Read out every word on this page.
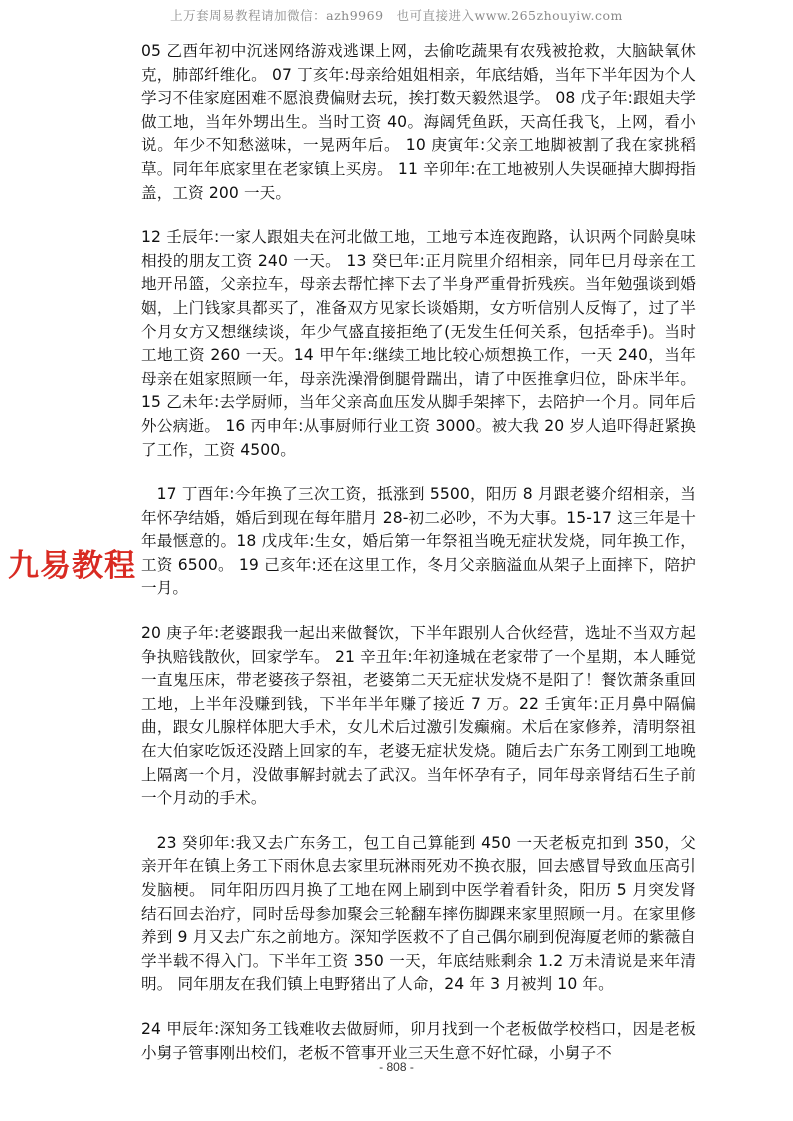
上万套周易教程请加微信：azh9969　也可直接进入www.265zhouyiw.com

05 乙酉年初中沉迷网络游戏逃课上网，去偷吃蔬果有农残被抢救，大脑缺氧休克，肺部纤维化。 07 丁亥年:母亲给姐姐相亲，年底结婚，当年下半年因为个人学习不佳家庭困难不愿浪费偏财去玩，挨打数天毅然退学。 08 戊子年:跟姐夫学做工地，当年外甥出生。当时工资 40。海阔凭鱼跃，天高任我飞，上网，看小说。年少不知愁滋味，一晃两年后。 10 庚寅年:父亲工地脚被割了我在家挑稻草。同年年底家里在老家镇上买房。 11 辛卯年:在工地被别人失误砸掉大脚拇指盖，工资 200 一天。

12 壬辰年:一家人跟姐夫在河北做工地，工地亏本连夜跑路，认识两个同龄臭味相投的朋友工资 240 一天。 13 癸巳年:正月院里介绍相亲，同年巳月母亲在工地开吊篮，父亲拉车，母亲去帮忙摔下去了半身严重骨折残疾。当年勉强谈到婚姻，上门钱家具都买了，准备双方见家长谈婚期，女方听信别人反悔了，过了半个月女方又想继续谈，年少气盛直接拒绝了(无发生任何关系，包括牵手)。当时工地工资 260 一天。14 甲午年:继续工地比较心烦想换工作，一天 240，当年母亲在姐家照顾一年，母亲洗澡滑倒腿骨踹出，请了中医推拿归位，卧床半年。15 乙未年:去学厨师，当年父亲高血压发从脚手架摔下，去陪护一个月。同年后外公病逝。 16 丙申年:从事厨师行业工资 3000。被大我 20 岁人追吓得赶紧换了工作，工资 4500。

17 丁酉年:今年换了三次工资，抵涨到 5500，阳历 8 月跟老婆介绍相亲，当年怀孕结婚，婚后到现在每年腊月 28-初二必吵，不为大事。15-17 这三年是十年最惬意的。18 戊戌年:生女，婚后第一年祭祖当晚无症状发烧，同年换工作，工资 6500。 19 己亥年:还在这里工作，冬月父亲脑溢血从架子上面摔下，陪护一月。

20 庚子年:老婆跟我一起出来做餐饮，下半年跟别人合伙经营，选址不当双方起争执赔钱散伙，回家学车。 21 辛丑年:年初逢城在老家带了一个星期，本人睡觉一直鬼压床，带老婆孩子祭祖，老婆第二天无症状发烧不是阳了！餐饮萧条重回工地，上半年没赚到钱，下半年半年赚了接近 7 万。22 壬寅年:正月鼻中隔偏曲，跟女儿腺样体肥大手术，女儿术后过激引发癫痫。术后在家修养，清明祭祖在大伯家吃饭还没踏上回家的车，老婆无症状发烧。随后去广东务工刚到工地晚上隔离一个月，没做事解封就去了武汉。当年怀孕有子，同年母亲肾结石生子前一个月动的手术。

23 癸卯年:我又去广东务工，包工自己算能到 450 一天老板克扣到 350，父亲开年在镇上务工下雨休息去家里玩淋雨死劝不换衣服，回去感冒导致血压高引发脑梗。 同年阳历四月换了工地在网上刷到中医学着看针灸，阳历 5 月突发肾结石回去治疗，同时岳母参加聚会三轮翻车摔伤脚踝来家里照顾一月。在家里修养到 9 月又去广东之前地方。深知学医救不了自己偶尔刷到倪海厦老师的紫薇自学半载不得入门。下半年工资 350 一天，年底结账剩余 1.2 万未清说是来年清明。 同年朋友在我们镇上电野猪出了人命，24 年 3 月被判 10 年。

24 甲辰年:深知务工钱难收去做厨师，卯月找到一个老板做学校档口，因是老板小舅子管事刚出校们，老板不管事开业三天生意不好忙碌，小舅子不

九易教程
- 808 -
